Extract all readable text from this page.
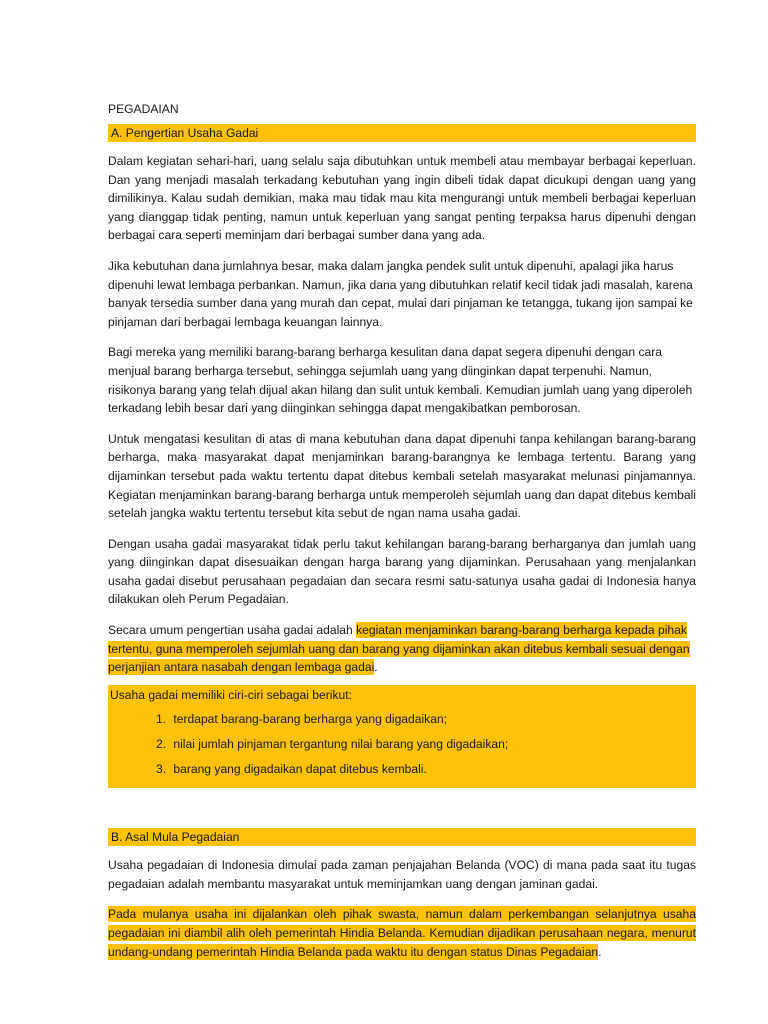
PEGADAIAN
A. Pengertian Usaha Gadai

Dalam kegiatan sehari-hari, uang selalu saja dibutuhkan untuk membeli atau membayar berbagai keperluan. Dan yang menjadi masalah terkadang kebutuhan yang ingin dibeli tidak dapat dicukupi dengan uang yang dimilikinya. Kalau sudah demikian, maka mau tidak mau kita mengurangi untuk membeli berbagai keperluan yang dianggap tidak penting, namun untuk keperluan yang sangat penting terpaksa harus dipenuhi dengan berbagai cara seperti meminjam dari berbagai sumber dana yang ada.

Jika kebutuhan dana jumlahnya besar, maka dalam jangka pendek sulit untuk dipenuhi, apalagi jika harus dipenuhi lewat lembaga perbankan. Namun, jika dana yang dibutuhkan relatif kecil tidak jadi masalah, karena banyak tersedia sumber dana yang murah dan cepat, mulai dari pinjaman ke tetangga, tukang ijon sampai ke pinjaman dari berbagai lembaga keuangan lainnya.

Bagi mereka yang memiliki barang-barang berharga kesulitan dana dapat segera dipenuhi dengan cara menjual barang berharga tersebut, sehingga sejumlah uang yang diinginkan dapat terpenuhi. Namun, risikonya barang yang telah dijual akan hilang dan sulit untuk kembali. Kemudian jumlah uang yang diperoleh terkadang lebih besar dari yang diinginkan sehingga dapat mengakibatkan pemborosan.

Untuk mengatasi kesulitan di atas di mana kebutuhan dana dapat dipenuhi tanpa kehilangan barang-barang berharga, maka masyarakat dapat menjaminkan barang-barangnya ke lembaga tertentu. Barang yang dijaminkan tersebut pada waktu tertentu dapat ditebus kembali setelah masyarakat melunasi pinjamannya. Kegiatan menjaminkan barang-barang berharga untuk memperoleh sejumlah uang dan dapat ditebus kembali setelah jangka waktu tertentu tersebut kita sebut de ngan nama usaha gadai.

Dengan usaha gadai masyarakat tidak perlu takut kehilangan barang-barang berharganya dan jumlah uang yang diinginkan dapat disesuaikan dengan harga barang yang dijaminkan. Perusahaan yang menjalankan usaha gadai disebut perusahaan pegadaian dan secara resmi satu-satunya usaha gadai di Indonesia hanya dilakukan oleh Perum Pegadaian.

Secara umum pengertian usaha gadai adalah kegiatan menjaminkan barang-barang berharga kepada pihak tertentu, guna memperoleh sejumlah uang dan barang yang dijaminkan akan ditebus kembali sesuai dengan perjanjian antara nasabah dengan lembaga gadai.

Usaha gadai memiliki ciri-ciri sebagai berikut:
1. terdapat barang-barang berharga yang digadaikan;
2. nilai jumlah pinjaman tergantung nilai barang yang digadaikan;
3. barang yang digadaikan dapat ditebus kembali.
B. Asal Mula Pegadaian

Usaha pegadaian di Indonesia dimulai pada zaman penjajahan Belanda (VOC) di mana pada saat itu tugas pegadaian adalah membantu masyarakat untuk meminjamkan uang dengan jaminan gadai.

Pada mulanya usaha ini dijalankan oleh pihak swasta, namun dalam perkembangan selanjutnya usaha pegadaian ini diambil alih oleh pemerintah Hindia Belanda. Kemudian dijadikan perusahaan negara, menurut undang-undang pemerintah Hindia Belanda pada waktu itu dengan status Dinas Pegadaian.
